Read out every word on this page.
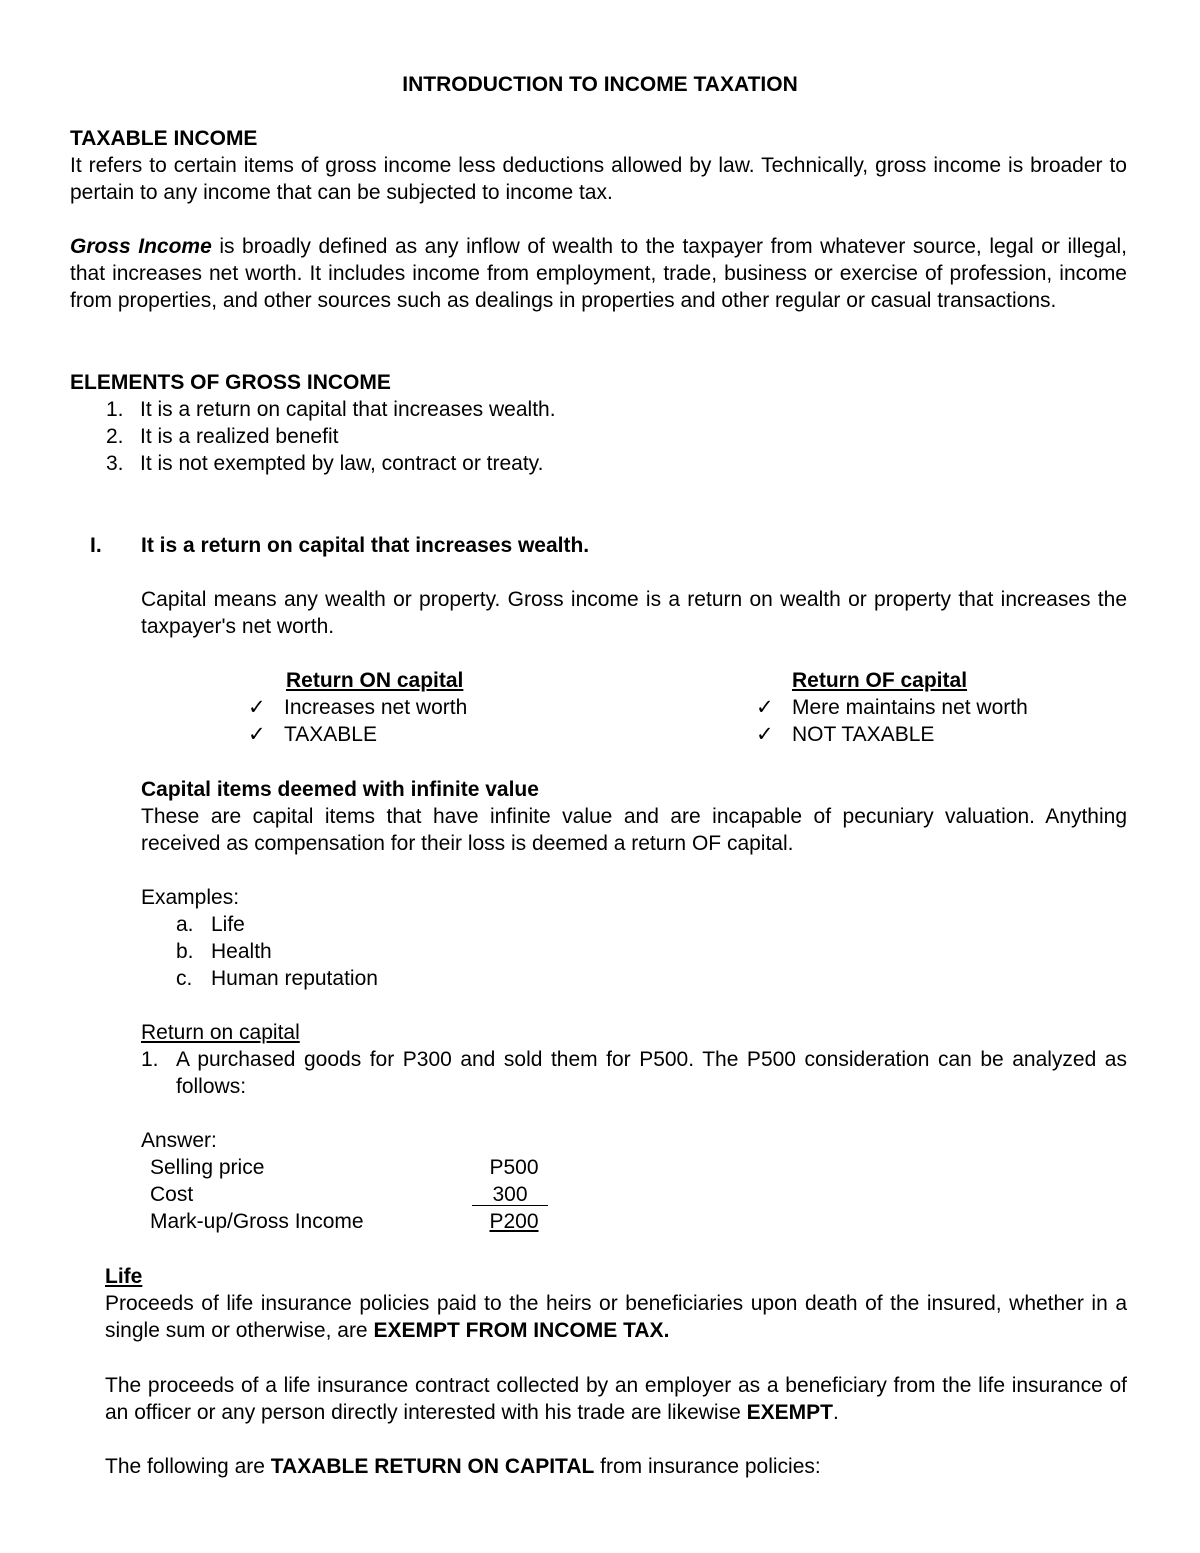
INTRODUCTION TO INCOME TAXATION
TAXABLE INCOME

It refers to certain items of gross income less deductions allowed by law. Technically, gross income is broader to pertain to any income that can be subjected to income tax.

Gross Income is broadly defined as any inflow of wealth to the taxpayer from whatever source, legal or illegal, that increases net worth. It includes income from employment, trade, business or exercise of profession, income from properties, and other sources such as dealings in properties and other regular or casual transactions.

ELEMENTS OF GROSS INCOME
1. It is a return on capital that increases wealth.
2. It is a realized benefit
3. It is not exempted by law, contract or treaty.
I. It is a return on capital that increases wealth.

Capital means any wealth or property. Gross income is a return on wealth or property that increases the taxpayer's net worth.

Return ON capital
✓ Increases net worth
✓ TAXABLE
Return OF capital
✓ Mere maintains net worth
✓ NOT TAXABLE
Capital items deemed with infinite value

These are capital items that have infinite value and are incapable of pecuniary valuation. Anything received as compensation for their loss is deemed a return OF capital.

Examples:
a. Life
b. Health
c. Human reputation
Return on capital
1. A purchased goods for P300 and sold them for P500. The P500 consideration can be analyzed as follows:

Answer:
Selling price	P500
Cost	300
Mark-up/Gross Income	P200
Life

Proceeds of life insurance policies paid to the heirs or beneficiaries upon death of the insured, whether in a single sum or otherwise, are EXEMPT FROM INCOME TAX.

The proceeds of a life insurance contract collected by an employer as a beneficiary from the life insurance of an officer or any person directly interested with his trade are likewise EXEMPT.

The following are TAXABLE RETURN ON CAPITAL from insurance policies:
